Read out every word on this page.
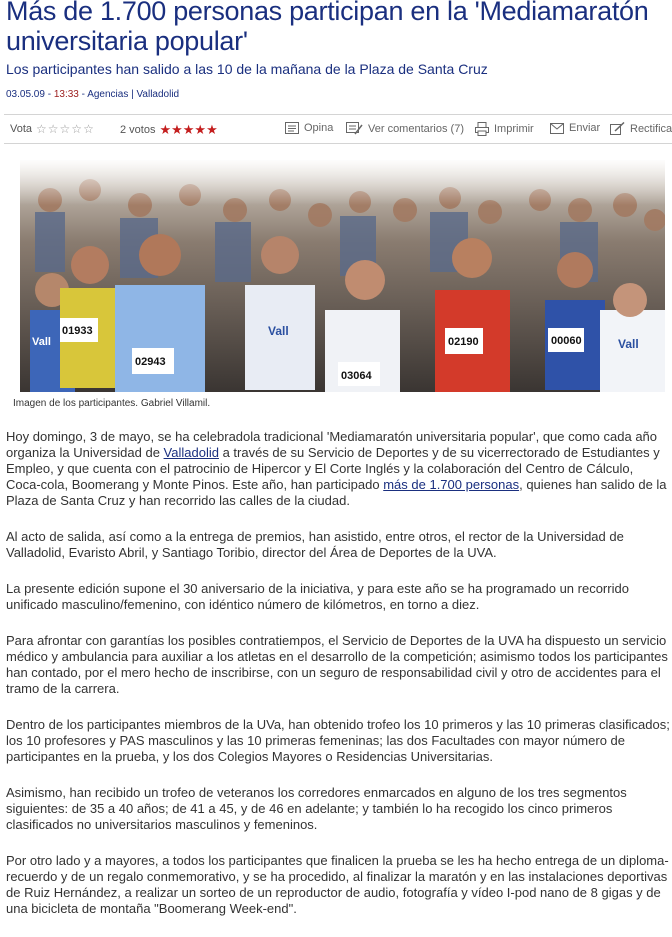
Más de 1.700 personas participan en la 'Mediamaratón universitaria popular'
Los participantes han salido a las 10 de la mañana de la Plaza de Santa Cruz
03.05.09 - 13:33 - Agencias | Valladolid
Vota ☆☆☆☆☆ 2 votos ★★★★★	Opina	Ver comentarios (7)	Imprimir	Enviar	Rectifica
01933
02943
03064
02190	00060
Vall
Vall
Vall
Imagen de los participantes. Gabriel Villamil.

Hoy domingo, 3 de mayo, se ha celebradola tradicional 'Mediamaratón universitaria popular', que como cada año organiza la Universidad de Valladolid a través de su Servicio de Deportes y de su vicerrectorado de Estudiantes y Empleo, y que cuenta con el patrocinio de Hipercor y El Corte Inglés y la colaboración del Centro de Cálculo, Coca-cola, Boomerang y Monte Pinos. Este año, han participado más de 1.700 personas, quienes han salido de la Plaza de Santa Cruz y han recorrido las calles de la ciudad.

Al acto de salida, así como a la entrega de premios, han asistido, entre otros, el rector de la Universidad de Valladolid, Evaristo Abril, y Santiago Toribio, director del Área de Deportes de la UVA.

La presente edición supone el 30 aniversario de la iniciativa, y para este año se ha programado un recorrido unificado masculino/femenino, con idéntico número de kilómetros, en torno a diez.

Para afrontar con garantías los posibles contratiempos, el Servicio de Deportes de la UVA ha dispuesto un servicio médico y ambulancia para auxiliar a los atletas en el desarrollo de la competición; asimismo todos los participantes han contado, por el mero hecho de inscribirse, con un seguro de responsabilidad civil y otro de accidentes para el tramo de la carrera.

Dentro de los participantes miembros de la UVa, han obtenido trofeo los 10 primeros y las 10 primeras clasificados; los 10 profesores y PAS masculinos y las 10 primeras femeninas; las dos Facultades con mayor número de participantes en la prueba, y los dos Colegios Mayores o Residencias Universitarias.

Asimismo, han recibido un trofeo de veteranos los corredores enmarcados en alguno de los tres segmentos siguientes: de 35 a 40 años; de 41 a 45, y de 46 en adelante; y también lo ha recogido los cinco primeros clasificados no universitarios masculinos y femeninos.

Por otro lado y a mayores, a todos los participantes que finalicen la prueba se les ha hecho entrega de un diploma-recuerdo y de un regalo conmemorativo, y se ha procedido, al finalizar la maratón y en las instalaciones deportivas de Ruiz Hernández, a realizar un sorteo de un reproductor de audio, fotografía y vídeo I-pod nano de 8 gigas y de una bicicleta de montaña "Boomerang Week-end".
